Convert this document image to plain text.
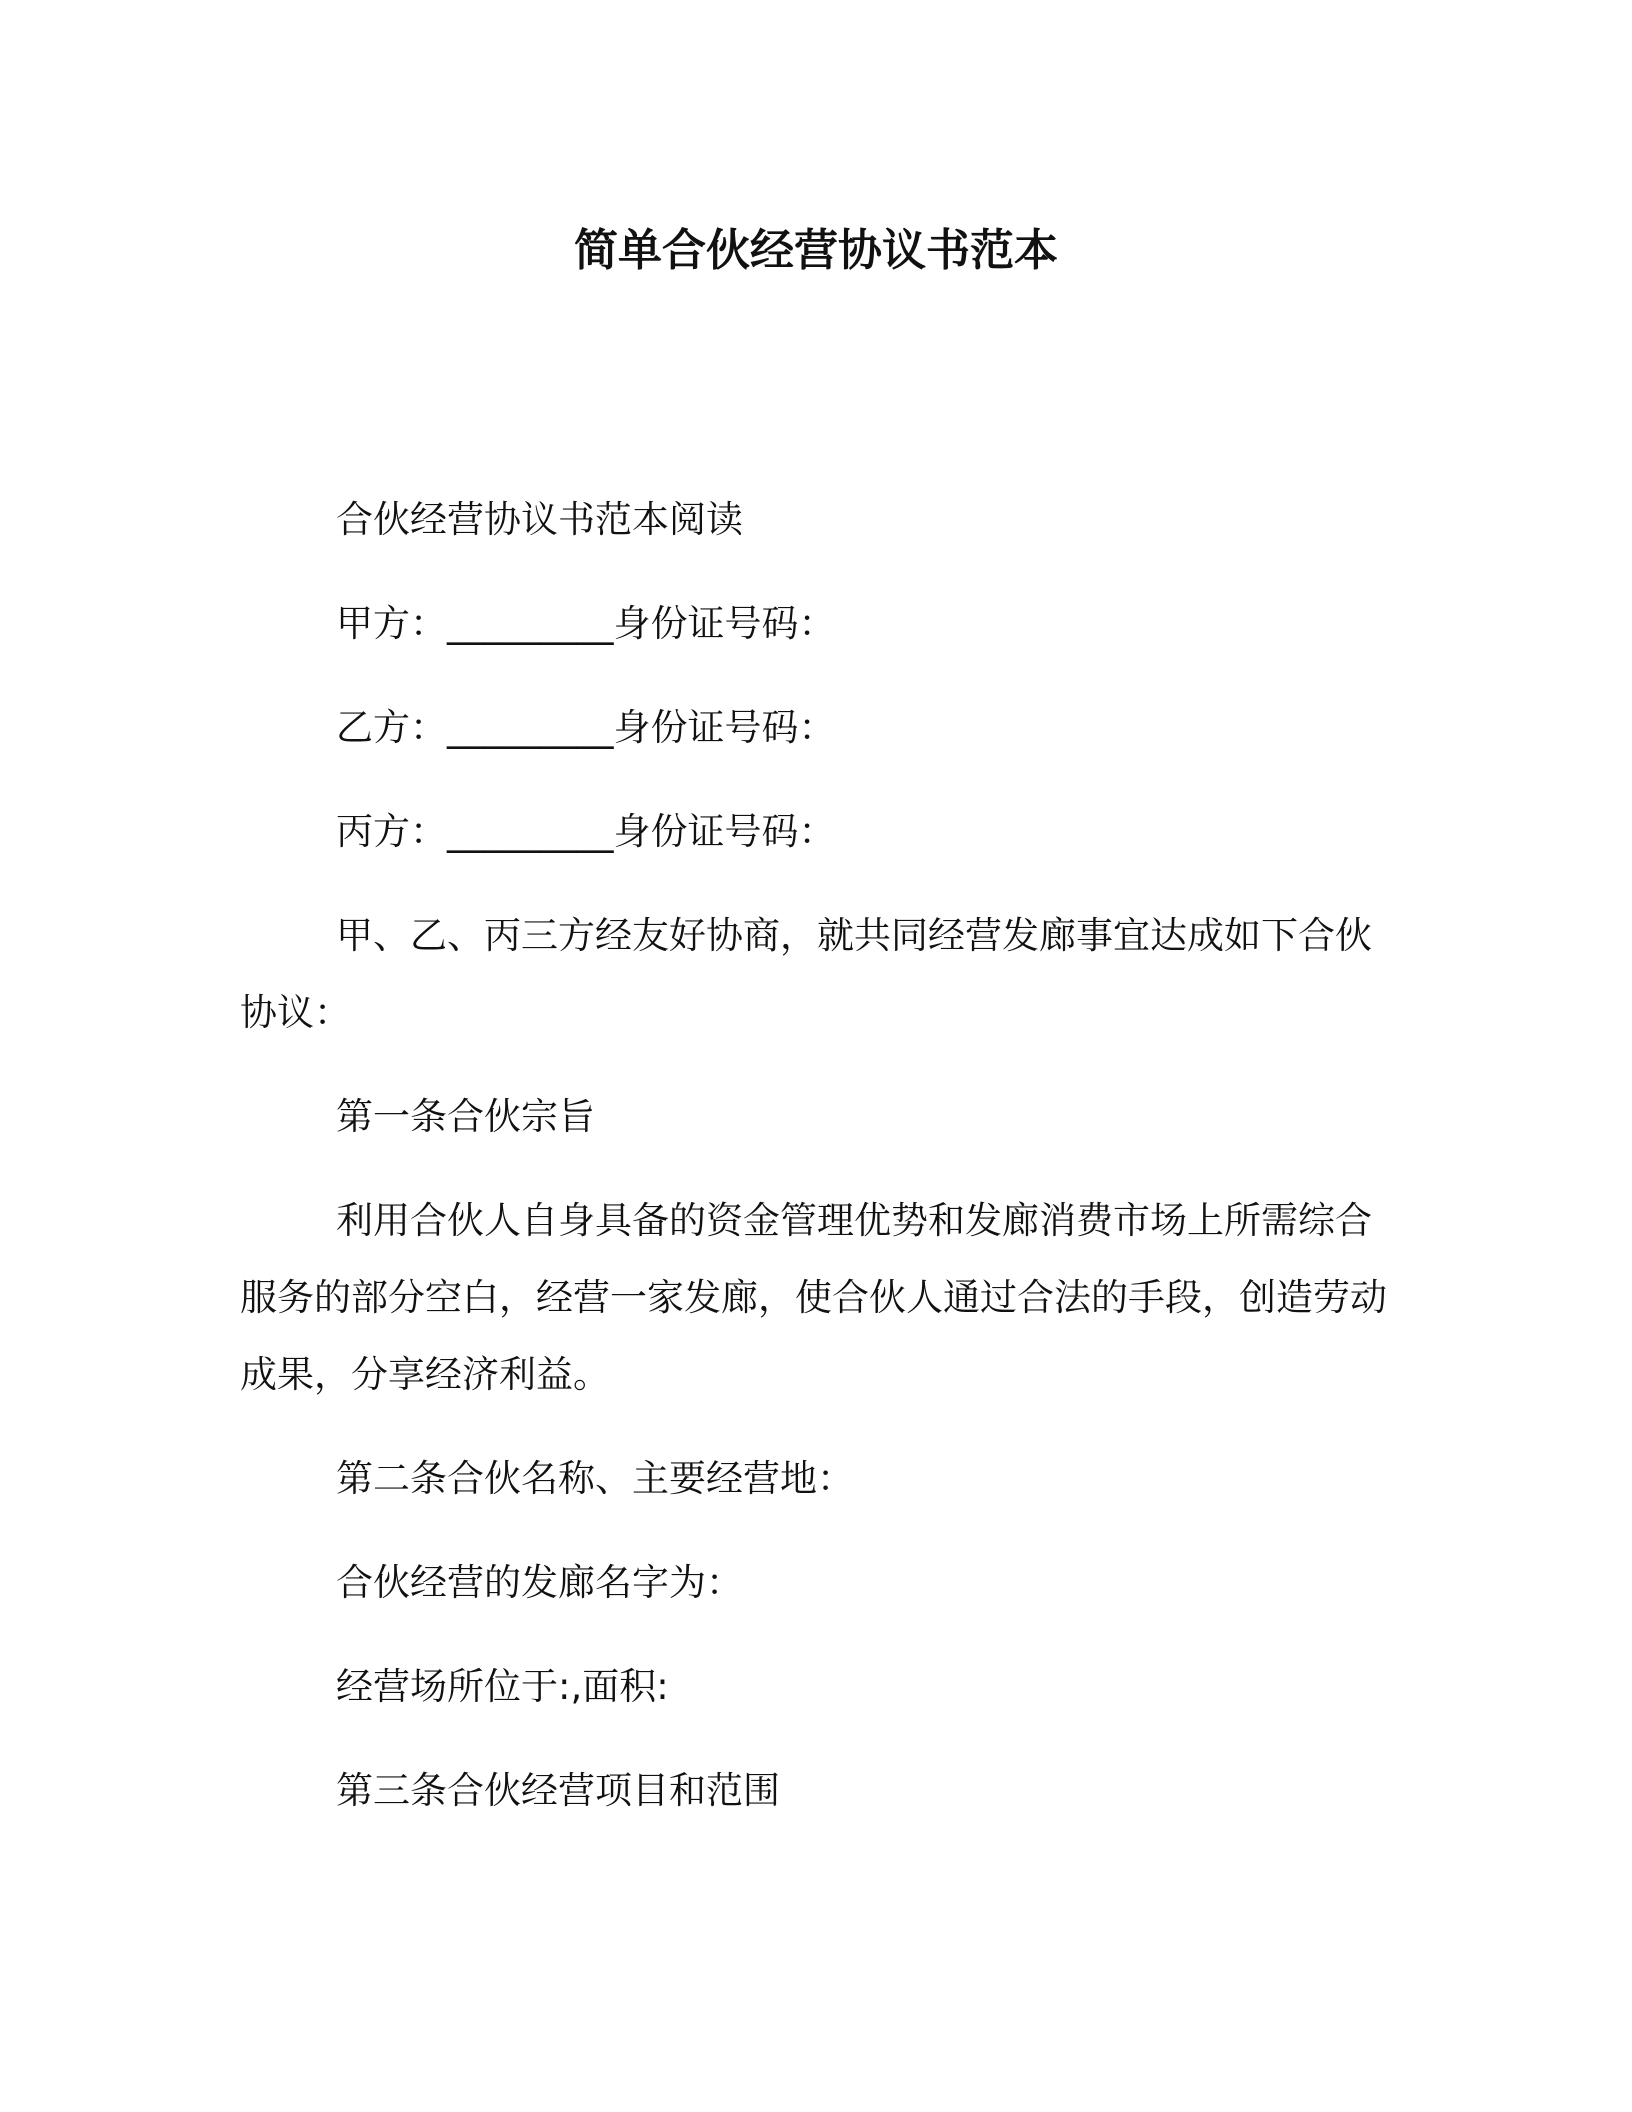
简单合伙经营协议书范本
合伙经营协议书范本阅读
甲方：_________身份证号码：
乙方：_________身份证号码：
丙方：_________身份证号码：
甲、乙、丙三方经友好协商，就共同经营发廊事宜达成如下合伙协议：
第一条合伙宗旨
利用合伙人自身具备的资金管理优势和发廊消费市场上所需综合服务的部分空白，经营一家发廊，使合伙人通过合法的手段，创造劳动成果，分享经济利益。
第二条合伙名称、主要经营地：
合伙经营的发廊名字为：
经营场所位于:,面积:
第三条合伙经营项目和范围
